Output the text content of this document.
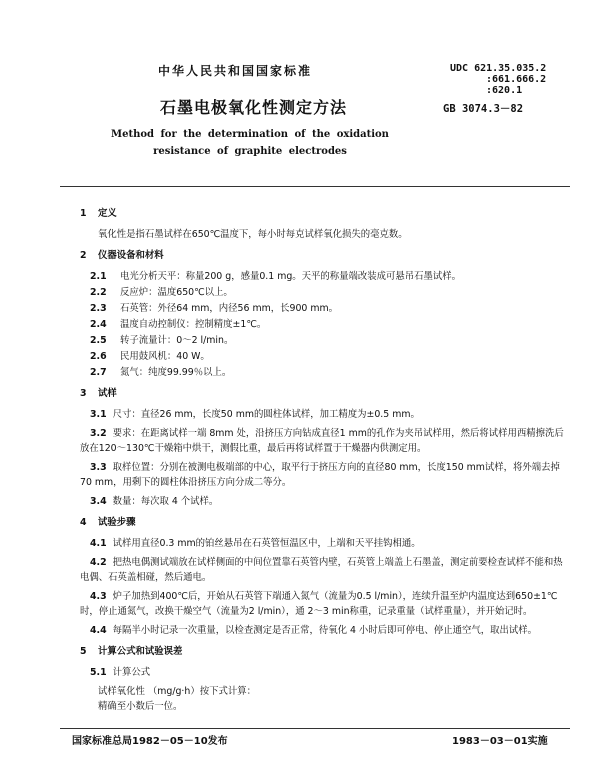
中华人民共和国国家标准	UDC 621.35.035.2
:661.666.2
:620.1
GB 3074.3－82
石墨电极氧化性测定方法
Method for the determination of the oxidation resistance of graphite electrodes
1 定义
氧化性是指石墨试样在650℃温度下，每小时每克试样氧化损失的毫克数。
2 仪器设备和材料
2.1	电光分析天平：称量200 g，感量0.1 mg。天平的称量端改装成可悬吊石墨试样。
2.2	反应炉：温度650℃以上。
2.3	石英管：外径64 mm，内径56 mm，长900 mm。
2.4	温度自动控制仪：控制精度±1℃。
2.5	转子流量计：0～2 l/min。
2.6	民用鼓风机：40 W。
2.7	氮气：纯度99.99％以上。
3 试样
3.1 尺寸：直径26 mm，长度50 mm的圆柱体试样，加工精度为±0.5 mm。
3.2 要求：在距离试样一端 8mm 处，沿挤压方向钻成直径1 mm的孔作为夹吊试样用，然后将试样用西精擦洗后放在120～130℃干燥箱中烘干，测假比重，最后再将试样置于干燥器内供测定用。
3.3 取样位置：分别在被测电极端部的中心，取平行于挤压方向的直径80 mm，长度150 mm试样，将外端去掉70 mm，用剩下的圆柱体沿挤压方向分成二等分。
3.4 数量：每次取 4 个试样。
4 试验步骤
4.1 试样用直径0.3 mm的铂丝悬吊在石英管恒温区中，上端和天平挂钩相通。
4.2 把热电偶测试端放在试样侧面的中间位置靠石英管内壁，石英管上端盖上石墨盖，测定前要检查试样不能和热电偶、石英盖相碰，然后通电。
4.3 炉子加热到400℃后，开始从石英管下端通入氮气（流量为0.5 l/min），连续升温至炉内温度达到650±1℃时，停止通氮气，改换干燥空气（流量为2 l/min），通 2～3 min称重，记录重量（试样重量），并开始记时。
4.4 每隔半小时记录一次重量，以检查测定是否正常，待氧化 4 小时后即可停电、停止通空气，取出试样。
5 计算公式和试验误差
5.1 计算公式
试样氧化性 （mg/g·h）按下式计算：
精确至小数后一位。
国家标准总局1982－05－10发布	1983－03－01实施
